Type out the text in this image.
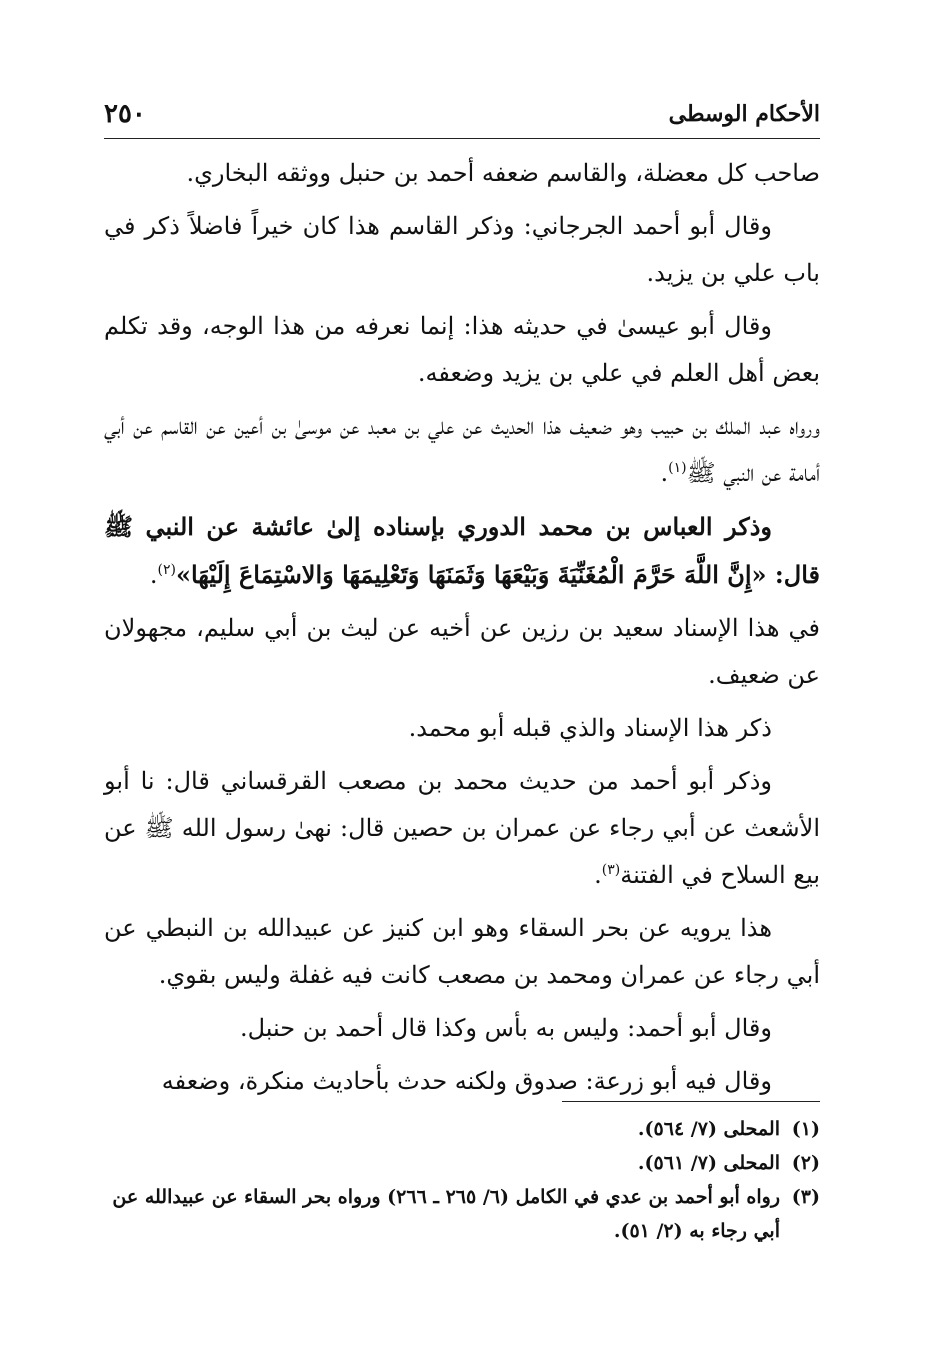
الأحكام الوسطى
٢٥٠

صاحب كل معضلة، والقاسم ضعفه أحمد بن حنبل ووثقه البخاري.

وقال أبو أحمد الجرجاني: وذكر القاسم هذا كان خيراً فاضلاً ذكر في باب علي بن يزيد.

وقال أبو عيسىٰ في حديثه هذا: إنما نعرفه من هذا الوجه، وقد تكلم بعض أهل العلم في علي بن يزيد وضعفه.

ورواه عبد الملك بن حبيب وهو ضعيف هذا الحديث عن علي بن معبد عن موسىٰ بن أعين عن القاسم عن أبي أمامة عن النبي ﷺ$^{(١)}$.

وذكر العباس بن محمد الدوري بإسناده إلىٰ عائشة عن النبي ﷺ قال: «إِنَّ اللَّهَ حَرَّمَ الْمُغَنِّيَةَ وَبَيْعَهَا وَثَمَنَهَا وَتَعْلِيمَهَا وَالاسْتِمَاعَ إِلَيْهَا»$^{(٢)}$.

في هذا الإسناد سعيد بن رزين عن أخيه عن ليث بن أبي سليم، مجهولان عن ضعيف.

ذكر هذا الإسناد والذي قبله أبو محمد.

وذكر أبو أحمد من حديث محمد بن مصعب القرقساني قال: نا أبو الأشعث عن أبي رجاء عن عمران بن حصين قال: نهىٰ رسول الله ﷺ عن بيع السلاح في الفتنة$^{(٣)}$.

هذا يرويه عن بحر السقاء وهو ابن كنيز عن عبيدالله بن النبطي عن أبي رجاء عن عمران ومحمد بن مصعب كانت فيه غفلة وليس بقوي.

وقال أبو أحمد: وليس به بأس وكذا قال أحمد بن حنبل.

وقال فيه أبو زرعة: صدوق ولكنه حدث بأحاديث منكرة، وضعفه

(١)
المحلى (٧/ ٥٦٤).

(٢)
المحلى (٧/ ٥٦١).

(٣)
رواه أبو أحمد بن عدي في الكامل (٦/ ٢٦٥ ـ ٢٦٦) ورواه بحر السقاء عن عبيدالله عن أبي رجاء به (٢/ ٥١).
